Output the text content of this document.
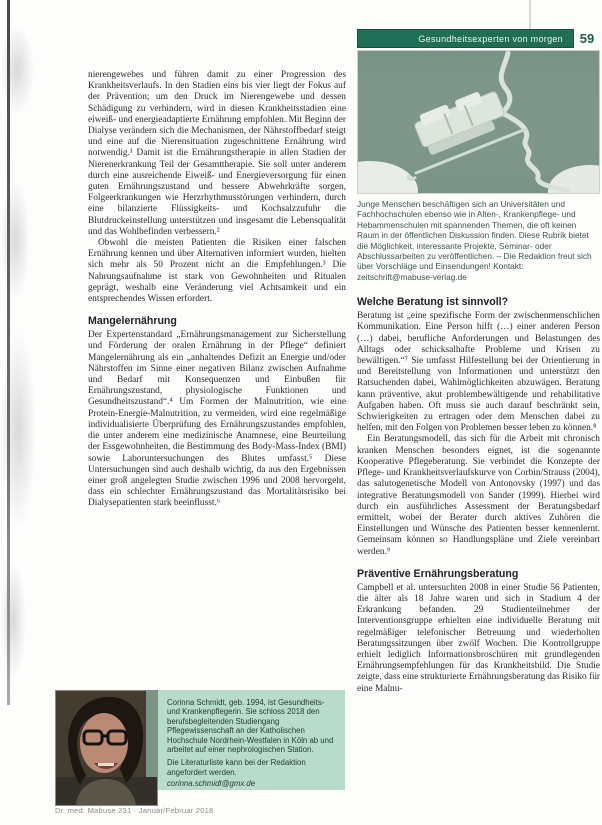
nierengewebes und führen damit zu einer Progression des Krankheitsverlaufs. In den Stadien eins bis vier liegt der Fokus auf der Prävention; um den Druck im Nierengewebe und dessen Schädigung zu verhindern, wird in diesen Krankheitsstadien eine eiweiß- und energieadaptierte Ernährung empfohlen. Mit Beginn der Dialyse verändern sich die Mechanismen, der Nährstoffbedarf steigt und eine auf die Nierensituation zugeschnittene Ernährung wird notwendig.¹ Damit ist die Ernährungstherapie in allen Stadien der Nierenerkrankung Teil der Gesamttherapie. Sie soll unter anderem durch eine ausreichende Eiweiß- und Energieversorgung für einen guten Ernährungszustand und bessere Abwehrkräfte sorgen, Folgeerkrankungen wie Herzrhythmusstörungen verhindern, durch eine bilanzierte Flüssigkeits- und Kochsalzzufuhr die Blutdruckeinstellung unterstützen und insgesamt die Lebensqualität und das Wohlbefinden verbessern.²

Obwohl die meisten Patienten die Risiken einer falschen Ernährung kennen und über Alternativen informiert wurden, hielten sich mehr als 50 Prozent nicht an die Empfehlungen.³ Die Nahrungsaufnahme ist stark von Gewohnheiten und Ritualen geprägt, weshalb eine Veränderung viel Achtsamkeit und ein entsprechendes Wissen erfordert.

Mangelernährung

Der Expertenstandard „Ernährungsmanagement zur Sicherstellung und Förderung der oralen Ernährung in der Pflege“ definiert Mangelernährung als ein „anhaltendes Defizit an Energie und/oder Nährstoffen im Sinne einer negativen Bilanz zwischen Aufnahme und Bedarf mit Konsequenzen und Einbußen für Ernährungszustand, physiologische Funktionen und Gesundheitszustand“.⁴ Um Formen der Malnutrition, wie eine Protein-Energie-Malnutrition, zu vermeiden, wird eine regelmäßige individualisierte Überprüfung des Ernährungszustandes empfohlen, die unter anderem eine medizinische Anamnese, eine Beurteilung der Essgewohnheiten, die Bestimmung des Body-Mass-Index (BMI) sowie Laboruntersuchungen des Blutes umfasst.⁵ Diese Untersuchungen sind auch deshalb wichtig, da aus den Ergebnissen einer groß angelegten Studie zwischen 1996 und 2008 hervorgeht, dass ein schlechter Ernährungszustand das Mortalitätsrisiko bei Dialysepatienten stark beeinflusst.⁶

Gesundheitsexperten von morgen	59

Junge Menschen beschäftigen sich an Universitäten und Fachhochschulen ebenso wie in Alten-, Krankenpflege- und Hebammenschulen mit spannenden Themen, die oft keinen Raum in der öffentlichen Diskussion finden. Diese Rubrik bietet die Möglichkeit, interessante Projekte, Seminar- oder Abschlussarbeiten zu veröffentlichen. – Die Redaktion freut sich über Vorschläge und Einsendungen! Kontakt: zeitschrift@mabuse-verlag.de

Welche Beratung ist sinnvoll?

Beratung ist „eine spezifische Form der zwischenmenschlichen Kommunikation. Eine Person hilft (…) einer anderen Person (…) dabei, berufliche Anforderungen und Belastungen des Alltags oder schicksalhafte Probleme und Krisen zu bewältigen.“⁷ Sie umfasst Hilfestellung bei der Orientierung in und Bereitstellung von Informationen und unterstützt den Ratsuchenden dabei, Wahlmöglichkeiten abzuwägen. Beratung kann präventive, akut problembewältigende und rehabilitative Aufgaben haben. Oft muss sie auch darauf beschränkt sein, Schwierigkeiten zu ertragen oder dem Menschen dabei zu helfen, mit den Folgen von Problemen besser leben zu können.⁸

Ein Beratungsmodell, das sich für die Arbeit mit chronisch kranken Menschen besonders eignet, ist die sogenannte Kooperative Pflegeberatung. Sie verbindet die Konzepte der Pflege- und Krankheitsverlaufskurve von Corbin/Strauss (2004), das salutogenetische Modell von Antonovsky (1997) und das integrative Beratungsmodell von Sander (1999). Hierbei wird durch ein ausführliches Assessment der Beratungsbedarf ermittelt, wobei der Berater durch aktives Zuhören die Einstellungen und Wünsche des Patienten besser kennenlernt. Gemeinsam können so Handlungspläne und Ziele vereinbart werden.⁹

Präventive Ernährungsberatung

Campbell et al. untersuchten 2008 in einer Studie 56 Patienten, die älter als 18 Jahre waren und sich in Stadium 4 der Erkrankung befanden. 29 Studienteilnehmer der Interventionsgruppe erhielten eine individuelle Beratung mit regelmäßiger telefonischer Betreuung und wiederholten Beratungssitzungen über zwölf Wochen. Die Kontrollgruppe erhielt lediglich Informationsbroschüren mit grundlegenden Ernährungsempfehlungen für das Krankheitsbild. Die Studie zeigte, dass eine strukturierte Ernährungsberatung das Risiko für eine Malnu-

Corinna Schmidt, geb. 1994, ist Gesundheits- und Krankenpflegerin. Sie schloss 2018 den berufsbegleitenden Studiengang Pflegewissenschaft an der Katholischen Hochschule Nordrhein-Westfalen in Köln ab und arbeitet auf einer nephrologischen Station.
Die Literaturliste kann bei der Redaktion angefordert werden.
corinna.schmidt@gmx.de
Dr. med. Mabuse 231 · Januar/Februar 2018
